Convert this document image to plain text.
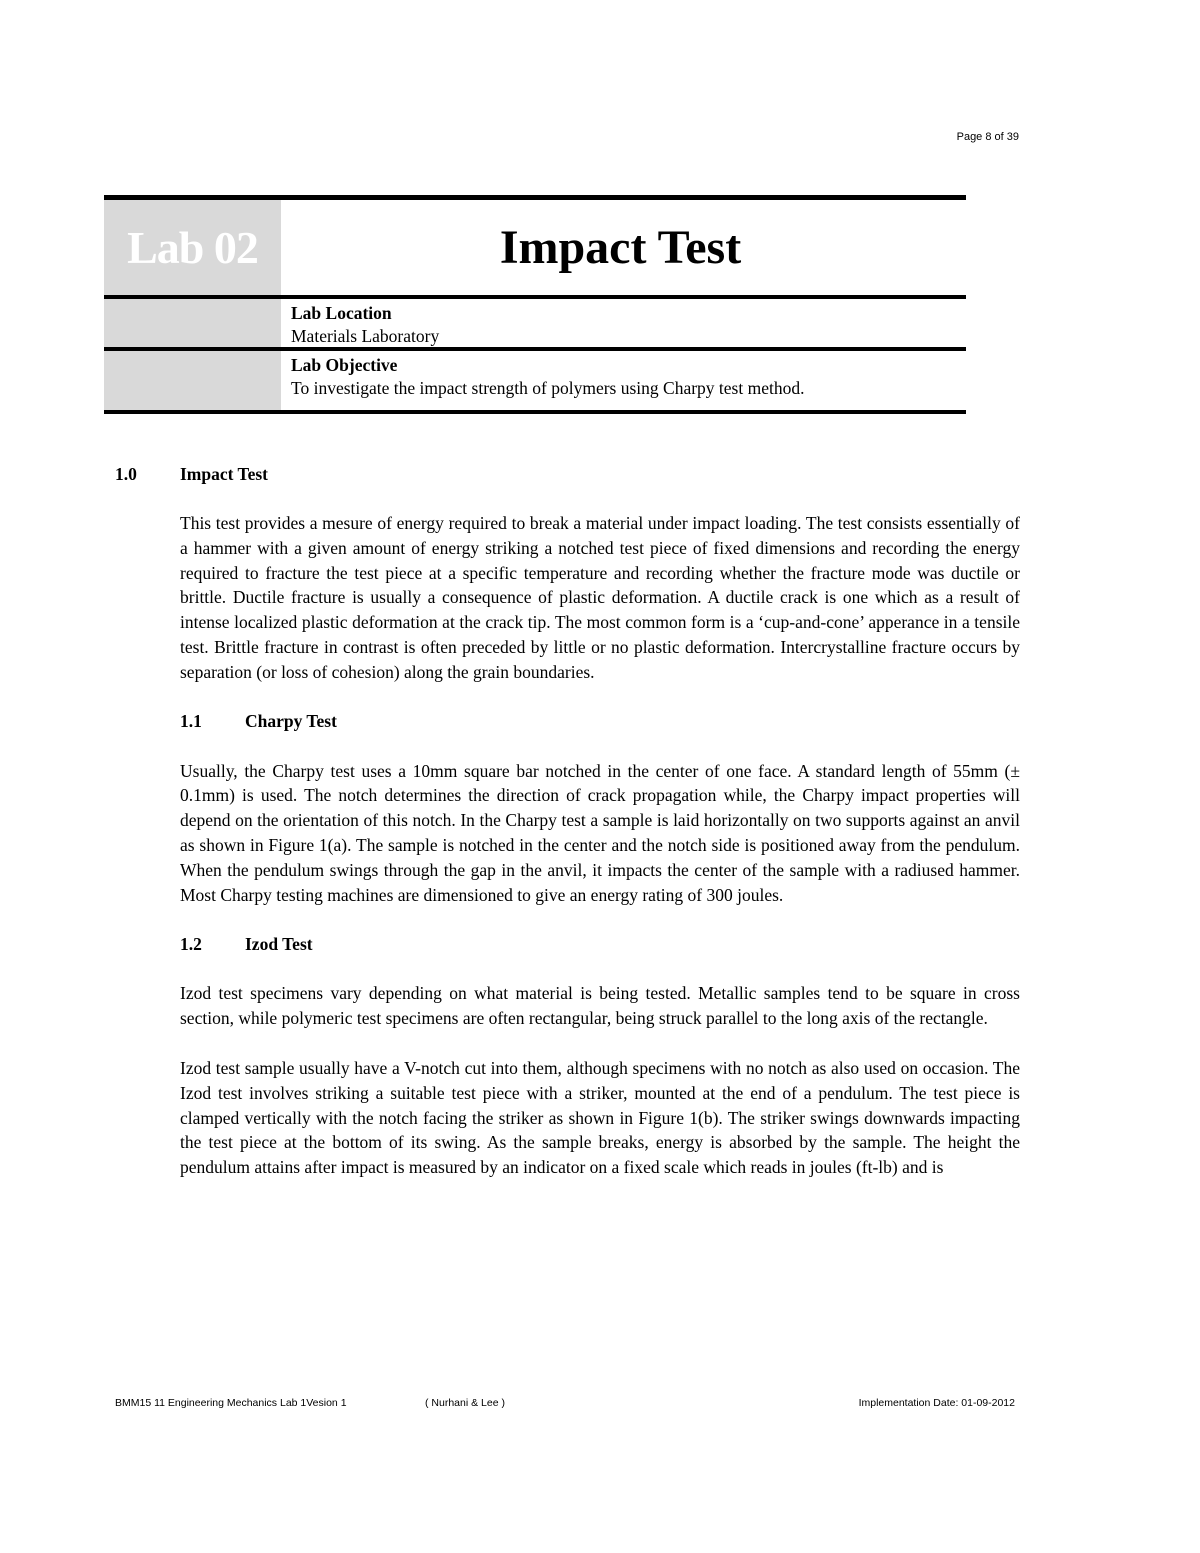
Page 8 of 39
Lab 02	Impact Test
Lab Location
Materials Laboratory
Lab Objective
To investigate the impact strength of polymers using Charpy test method.
1.0	Impact Test

This test provides a mesure of energy required to break a material under impact loading. The test consists essentially of a hammer with a given amount of energy striking a notched test piece of fixed dimensions and recording the energy required to fracture the test piece at a specific temperature and recording whether the fracture mode was ductile or brittle. Ductile fracture is usually a consequence of plastic deformation. A ductile crack is one which as a result of intense localized plastic deformation at the crack tip. The most common form is a ‘cup-and-cone’ apperance in a tensile test. Brittle fracture in contrast is often preceded by little or no plastic deformation. Intercrystalline fracture occurs by separation (or loss of cohesion) along the grain boundaries.

1.1	Charpy Test

Usually, the Charpy test uses a 10mm square bar notched in the center of one face. A standard length of 55mm (± 0.1mm) is used. The notch determines the direction of crack propagation while, the Charpy impact properties will depend on the orientation of this notch. In the Charpy test a sample is laid horizontally on two supports against an anvil as shown in Figure 1(a). The sample is notched in the center and the notch side is positioned away from the pendulum. When the pendulum swings through the gap in the anvil, it impacts the center of the sample with a radiused hammer. Most Charpy testing machines are dimensioned to give an energy rating of 300 joules.

1.2	Izod Test

Izod test specimens vary depending on what material is being tested. Metallic samples tend to be square in cross section, while polymeric test specimens are often rectangular, being struck parallel to the long axis of the rectangle.

Izod test sample usually have a V-notch cut into them, although specimens with no notch as also used on occasion. The Izod test involves striking a suitable test piece with a striker, mounted at the end of a pendulum. The test piece is clamped vertically with the notch facing the striker as shown in Figure 1(b). The striker swings downwards impacting the test piece at the bottom of its swing. As the sample breaks, energy is absorbed by the sample. The height the pendulum attains after impact is measured by an indicator on a fixed scale which reads in joules (ft-lb) and is

BMM15 11 Engineering Mechanics Lab 1Vesion 1	( Nurhani & Lee )	Implementation Date: 01-09-2012
